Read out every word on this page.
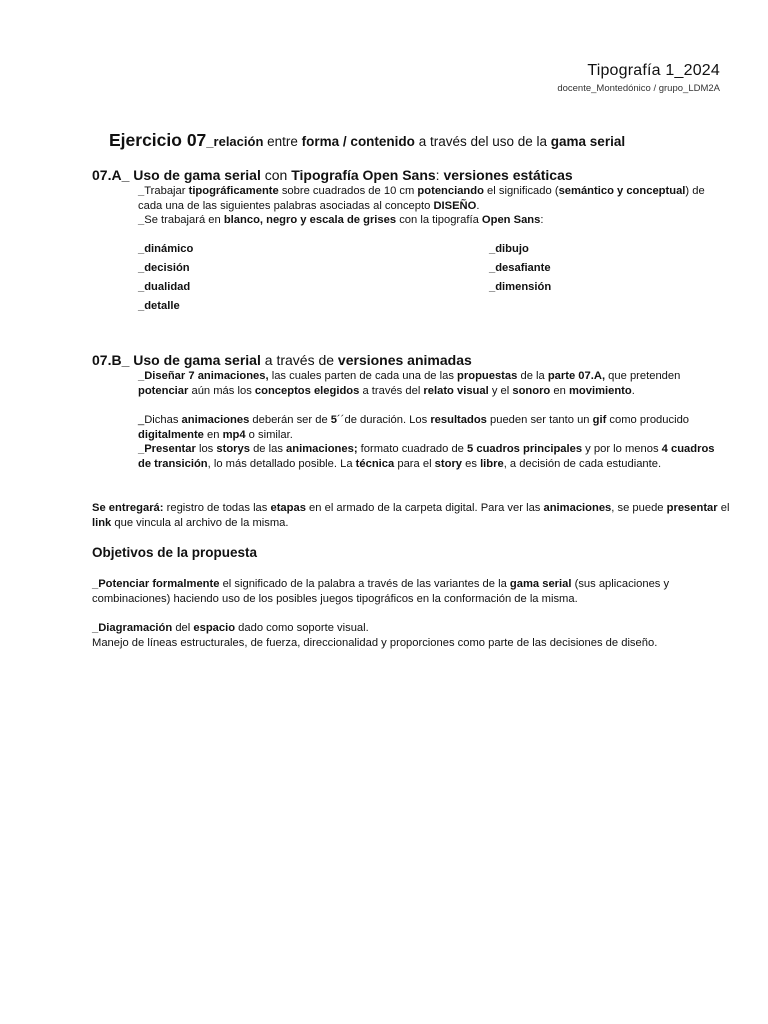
Tipografía 1_2024
docente_Montedónico / grupo_LDM2A
Ejercicio 07_relación entre forma / contenido a través del uso de la gama serial
07.A_ Uso de gama serial con Tipografía Open Sans: versiones estáticas
_Trabajar tipográficamente sobre cuadrados de 10 cm potenciando el significado (semántico y conceptual) de cada una de las siguientes palabras asociadas al concepto DISEÑO.
_Se trabajará en blanco, negro y escala de grises con la tipografía Open Sans:
_dinámico
_decisión
_dualidad
_detalle
_dibujo
_desafiante
_dimensión
07.B_ Uso de gama serial a través de versiones animadas
_Diseñar 7 animaciones, las cuales parten de cada una de las propuestas de la parte 07.A, que pretenden potenciar aún más los conceptos elegidos a través del relato visual y el sonoro en movimiento.
_Dichas animaciones deberán ser de 5´´de duración. Los resultados pueden ser tanto un gif como producido digitalmente en mp4 o similar.
_Presentar los storys de las animaciones; formato cuadrado de 5 cuadros principales y por lo menos 4 cuadros de transición, lo más detallado posible. La técnica para el story es libre, a decisión de cada estudiante.
Se entregará: registro de todas las etapas en el armado de la carpeta digital. Para ver las animaciones, se puede presentar el link que vincula al archivo de la misma.
Objetivos de la propuesta
_Potenciar formalmente el significado de la palabra a través de las variantes de la gama serial (sus aplicaciones y combinaciones) haciendo uso de los posibles juegos tipográficos en la conformación de la misma.
_Diagramación del espacio dado como soporte visual.
Manejo de líneas estructurales, de fuerza, direccionalidad y proporciones como parte de las decisiones de diseño.
